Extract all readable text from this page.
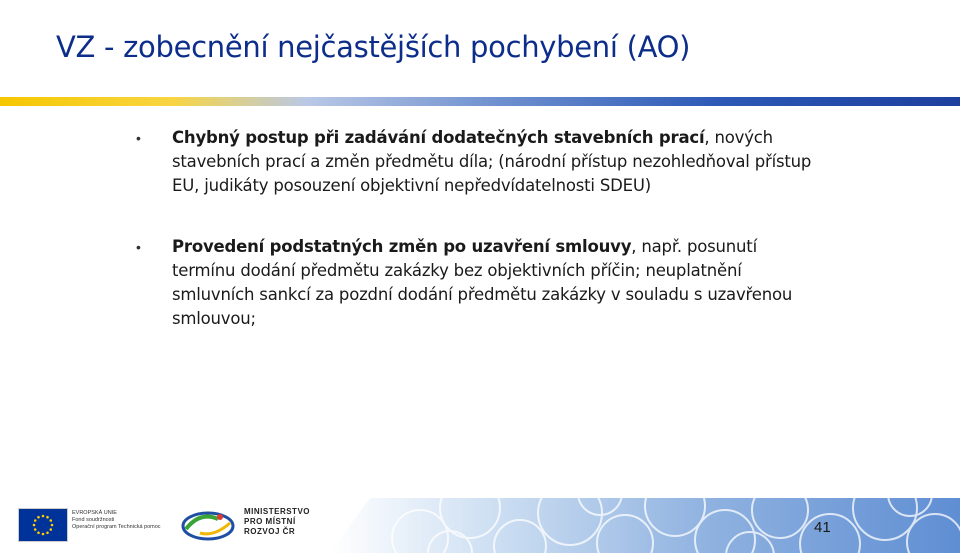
VZ - zobecnění nejčastějších pochybení (AO)
• Chybný postup při zadávání dodatečných stavebních prací, nových stavebních prací a změn předmětu díla; (národní přístup nezohledňoval přístup EU, judikáty posouzení objektivní nepředvídatelnosti SDEU)
• Provedení podstatných změn po uzavření smlouvy, např. posunutí termínu dodání předmětu zakázky bez objektivních příčin; neuplatnění smluvních sankcí za pozdní dodání předmětu zakázky v souladu s uzavřenou smlouvou;
41
EVROPSKÁ UNIE
Fond soudržnosti
Operační program Technická pomoc
MINISTERSTVO
PRO MÍSTNÍ
ROZVOJ ČR
